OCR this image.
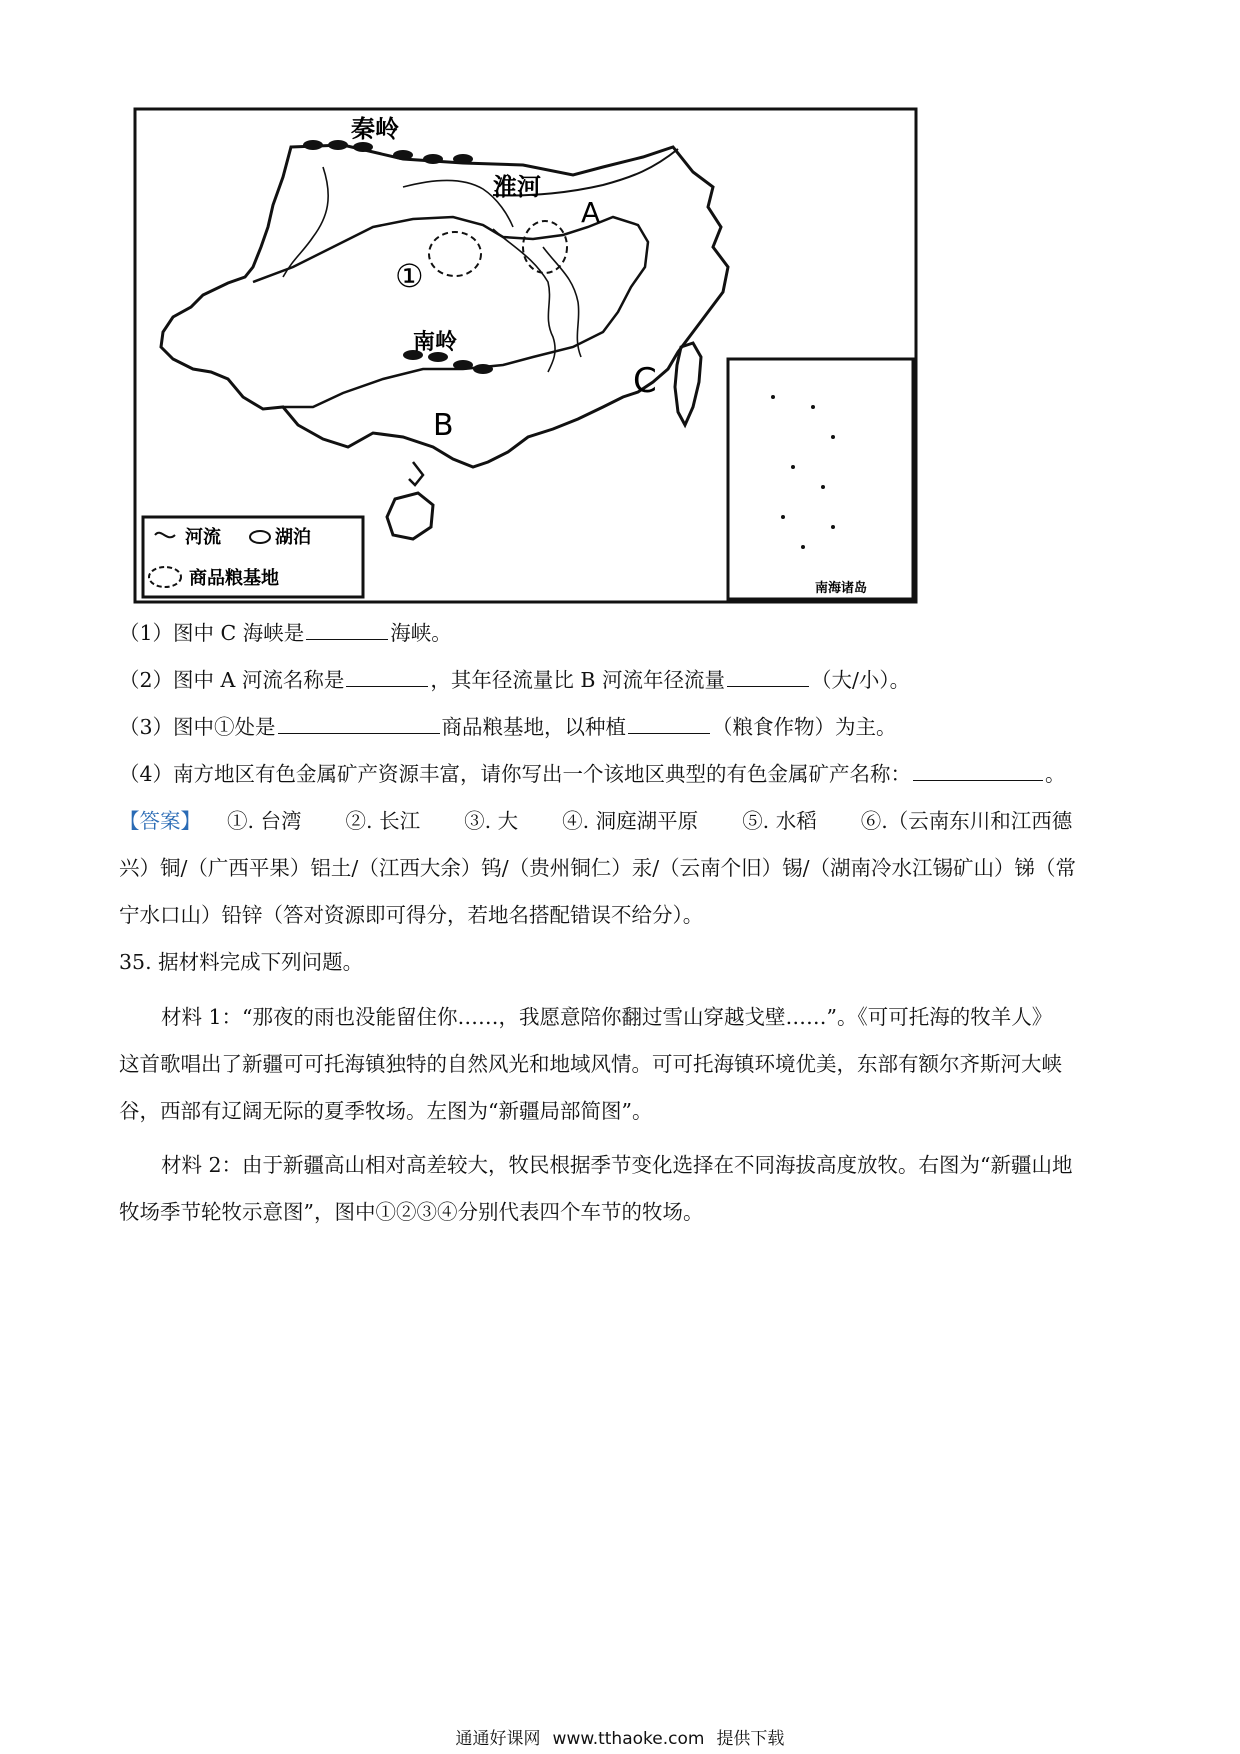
秦岭
淮河
南岭
A
B
C
①
南海诸岛
河流	湖泊
商品粮基地
（1）图中 C 海峡是	海峡。
（2）图中 A 河流名称是	，其年径流量比 B 河流年径流量	（大/小）。
（3）图中①处是	商品粮基地，以种植	（粮食作物）为主。
（4）南方地区有色金属矿产资源丰富，请你写出一个该地区典型的有色金属矿产名称：	。
【答案】 ①. 台湾 ②. 长江 ③. 大 ④. 洞庭湖平原 ⑤. 水稻 ⑥.（云南东川和江西德
兴）铜/（广西平果）铝土/（江西大余）钨/（贵州铜仁）汞/（云南个旧）锡/（湖南冷水江锡矿山）锑（常
宁水口山）铅锌（答对资源即可得分，若地名搭配错误不给分）。
35. 据材料完成下列问题。
材料 1：“那夜的雨也没能留住你……，我愿意陪你翻过雪山穿越戈壁……”。《可可托海的牧羊人》
这首歌唱出了新疆可可托海镇独特的自然风光和地域风情。可可托海镇环境优美，东部有额尔齐斯河大峡
谷，西部有辽阔无际的夏季牧场。左图为“新疆局部简图”。
材料 2：由于新疆高山相对高差较大，牧民根据季节变化选择在不同海拔高度放牧。右图为“新疆山地
牧场季节轮牧示意图”，图中①②③④分别代表四个车节的牧场。
通通好课网 www.tthaoke.com 提供下载
